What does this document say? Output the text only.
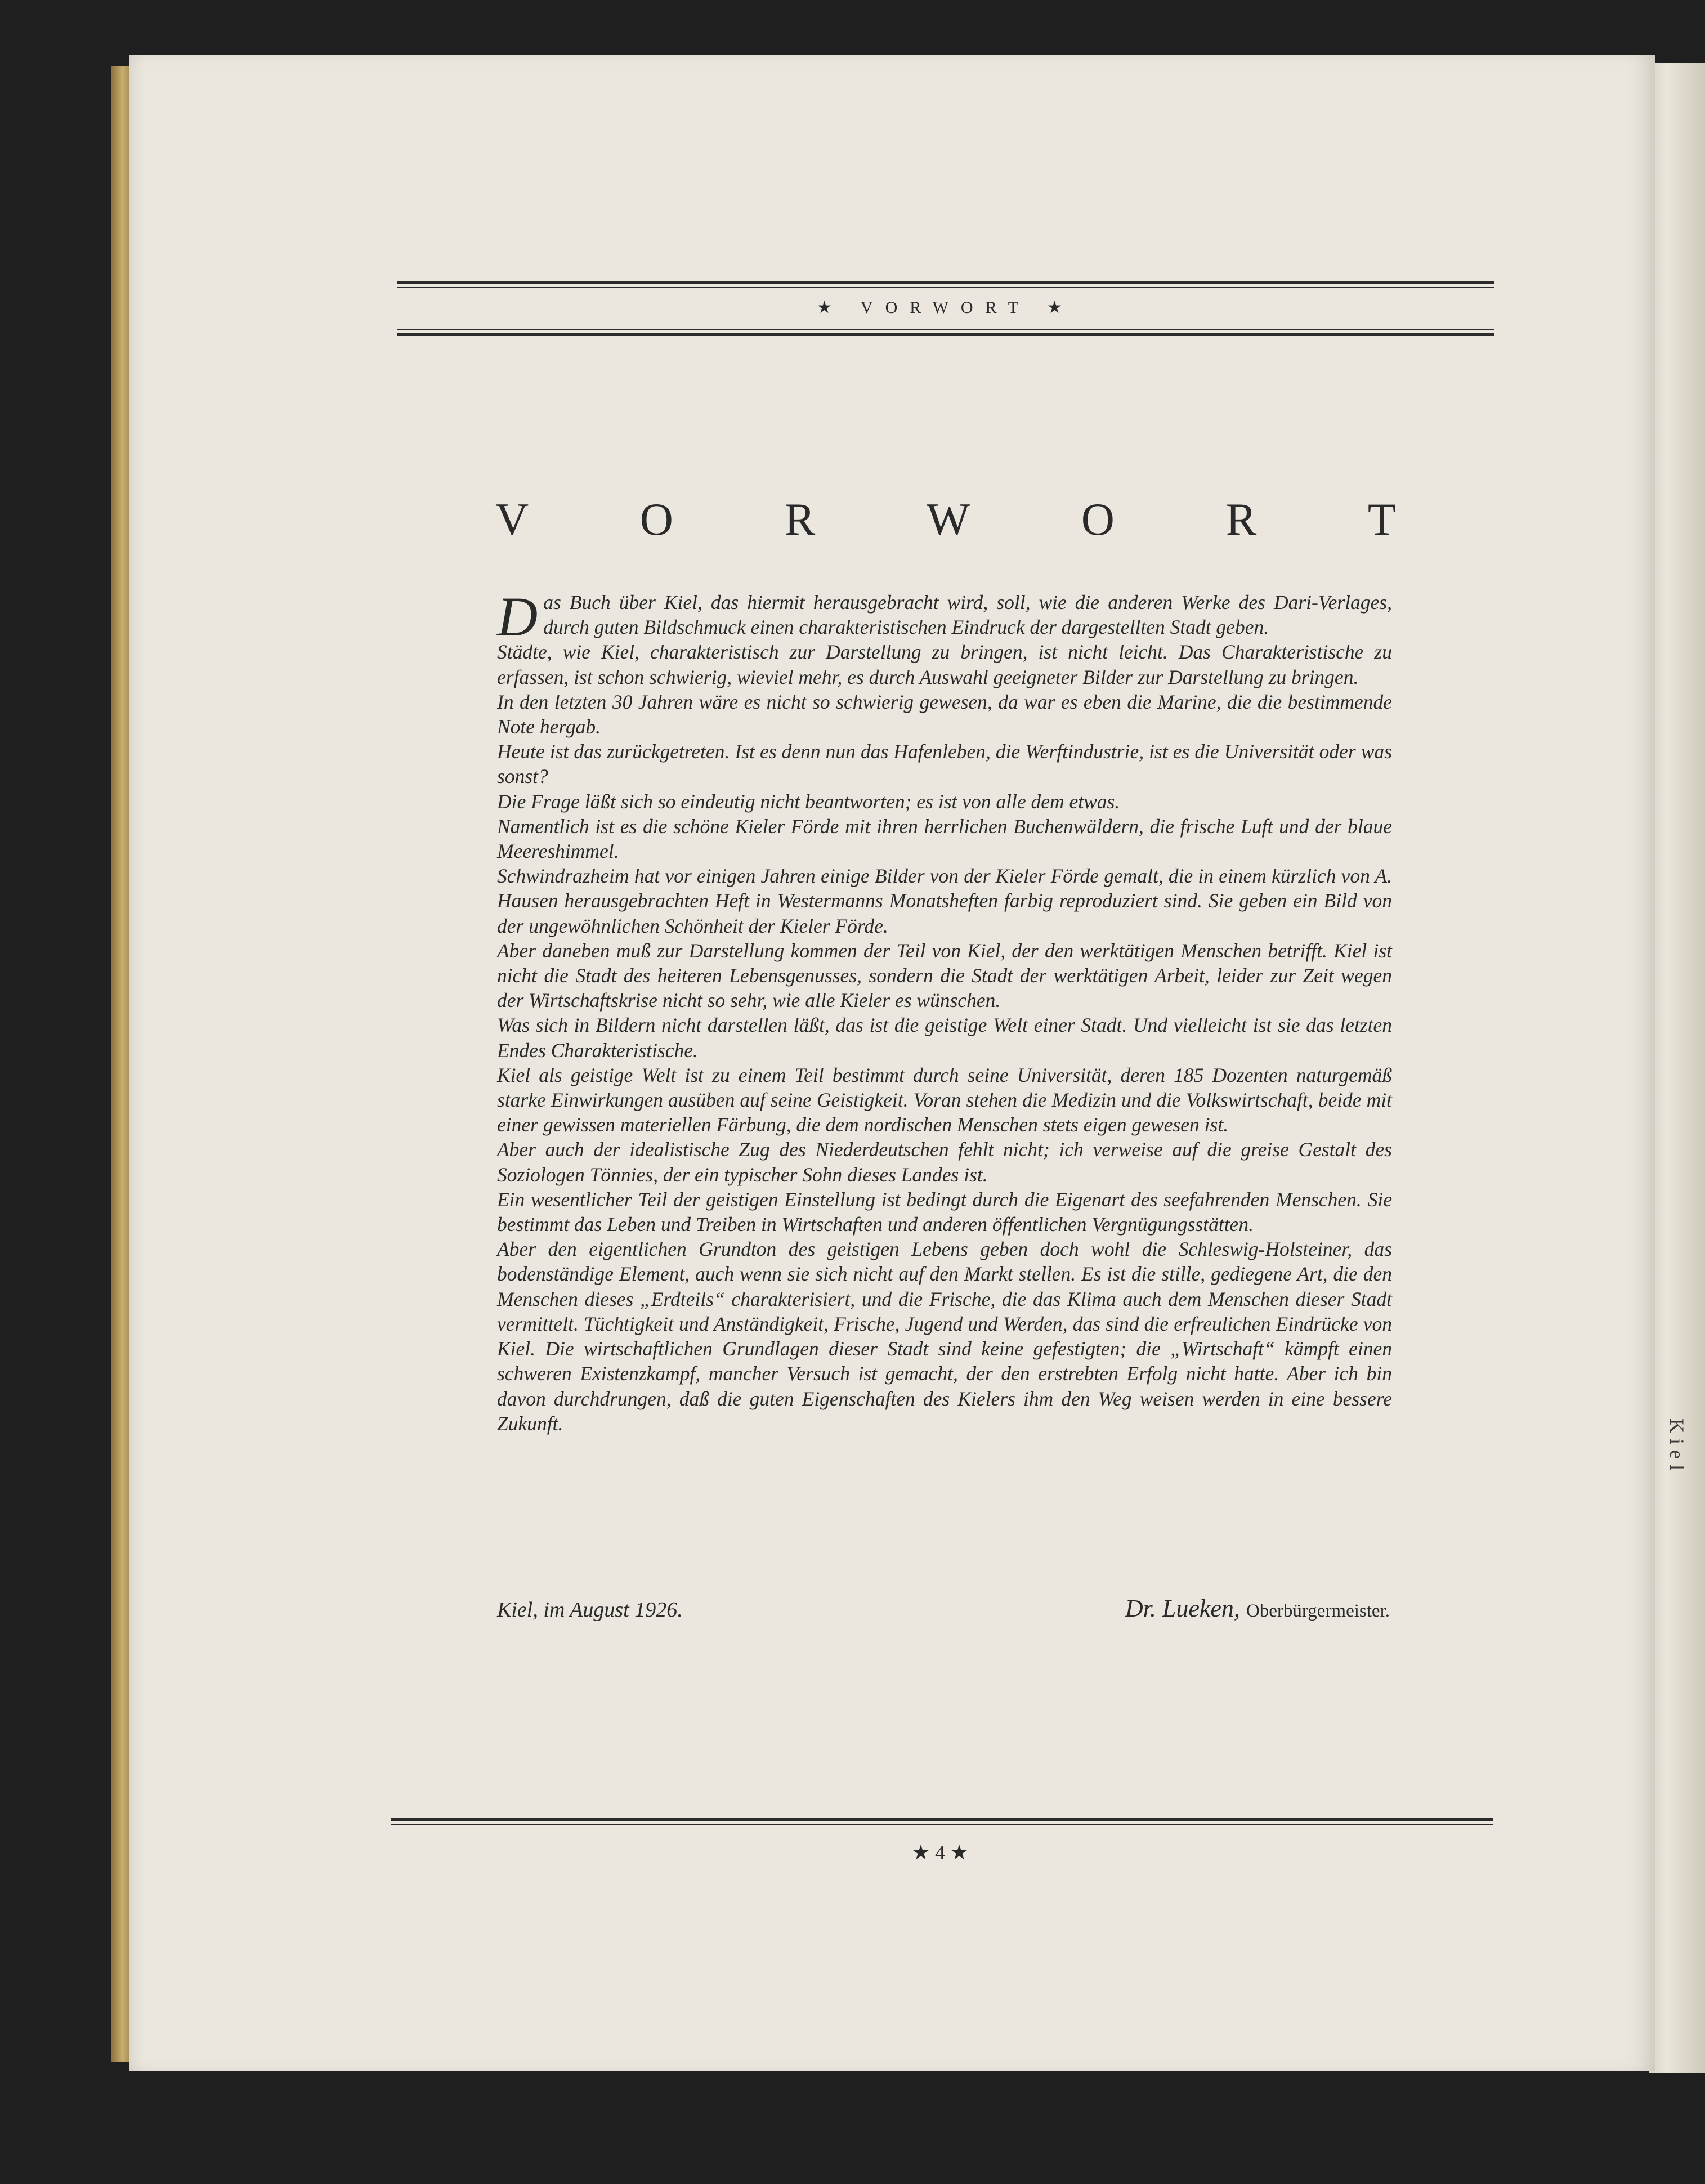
Kiel
★ VORWORT ★
V O R W O R T

Das Buch über Kiel, das hiermit herausgebracht wird, soll, wie die anderen Werke des Dari-Verlages, durch guten Bildschmuck einen charakteristischen Eindruck der dargestellten Stadt geben.

Städte, wie Kiel, charakteristisch zur Darstellung zu bringen, ist nicht leicht. Das Charakteristische zu erfassen, ist schon schwierig, wieviel mehr, es durch Auswahl geeigneter Bilder zur Darstellung zu bringen.

In den letzten 30 Jahren wäre es nicht so schwierig gewesen, da war es eben die Marine, die die bestimmende Note hergab.

Heute ist das zurückgetreten. Ist es denn nun das Hafenleben, die Werftindustrie, ist es die Universität oder was sonst?

Die Frage läßt sich so eindeutig nicht beantworten; es ist von alle dem etwas.

Namentlich ist es die schöne Kieler Förde mit ihren herrlichen Buchenwäldern, die frische Luft und der blaue Meereshimmel.

Schwindrazheim hat vor einigen Jahren einige Bilder von der Kieler Förde gemalt, die in einem kürzlich von A. Hausen herausgebrachten Heft in Westermanns Monatsheften farbig reproduziert sind. Sie geben ein Bild von der ungewöhnlichen Schönheit der Kieler Förde.

Aber daneben muß zur Darstellung kommen der Teil von Kiel, der den werktätigen Menschen betrifft. Kiel ist nicht die Stadt des heiteren Lebensgenusses, sondern die Stadt der werktätigen Arbeit, leider zur Zeit wegen der Wirtschaftskrise nicht so sehr, wie alle Kieler es wünschen.

Was sich in Bildern nicht darstellen läßt, das ist die geistige Welt einer Stadt. Und vielleicht ist sie das letzten Endes Charakteristische.

Kiel als geistige Welt ist zu einem Teil bestimmt durch seine Universität, deren 185 Dozenten naturgemäß starke Einwirkungen ausüben auf seine Geistigkeit. Voran stehen die Medizin und die Volkswirtschaft, beide mit einer gewissen materiellen Färbung, die dem nordischen Menschen stets eigen gewesen ist.

Aber auch der idealistische Zug des Niederdeutschen fehlt nicht; ich verweise auf die greise Gestalt des Soziologen Tönnies, der ein typischer Sohn dieses Landes ist.

Ein wesentlicher Teil der geistigen Einstellung ist bedingt durch die Eigenart des seefahrenden Menschen. Sie bestimmt das Leben und Treiben in Wirtschaften und anderen öffentlichen Vergnügungsstätten.

Aber den eigentlichen Grundton des geistigen Lebens geben doch wohl die Schleswig-Holsteiner, das bodenständige Element, auch wenn sie sich nicht auf den Markt stellen. Es ist die stille, gediegene Art, die den Menschen dieses „Erdteils“ charakterisiert, und die Frische, die das Klima auch dem Menschen dieser Stadt vermittelt. Tüchtigkeit und Anständigkeit, Frische, Jugend und Werden, das sind die erfreulichen Eindrücke von Kiel. Die wirtschaftlichen Grundlagen dieser Stadt sind keine gefestigten; die „Wirtschaft“ kämpft einen schweren Existenzkampf, mancher Versuch ist gemacht, der den erstrebten Erfolg nicht hatte. Aber ich bin davon durchdrungen, daß die guten Eigenschaften des Kielers ihm den Weg weisen werden in eine bessere Zukunft.

Kiel, im August 1926.	Dr. Lueken, Oberbürgermeister.
★ 4 ★
